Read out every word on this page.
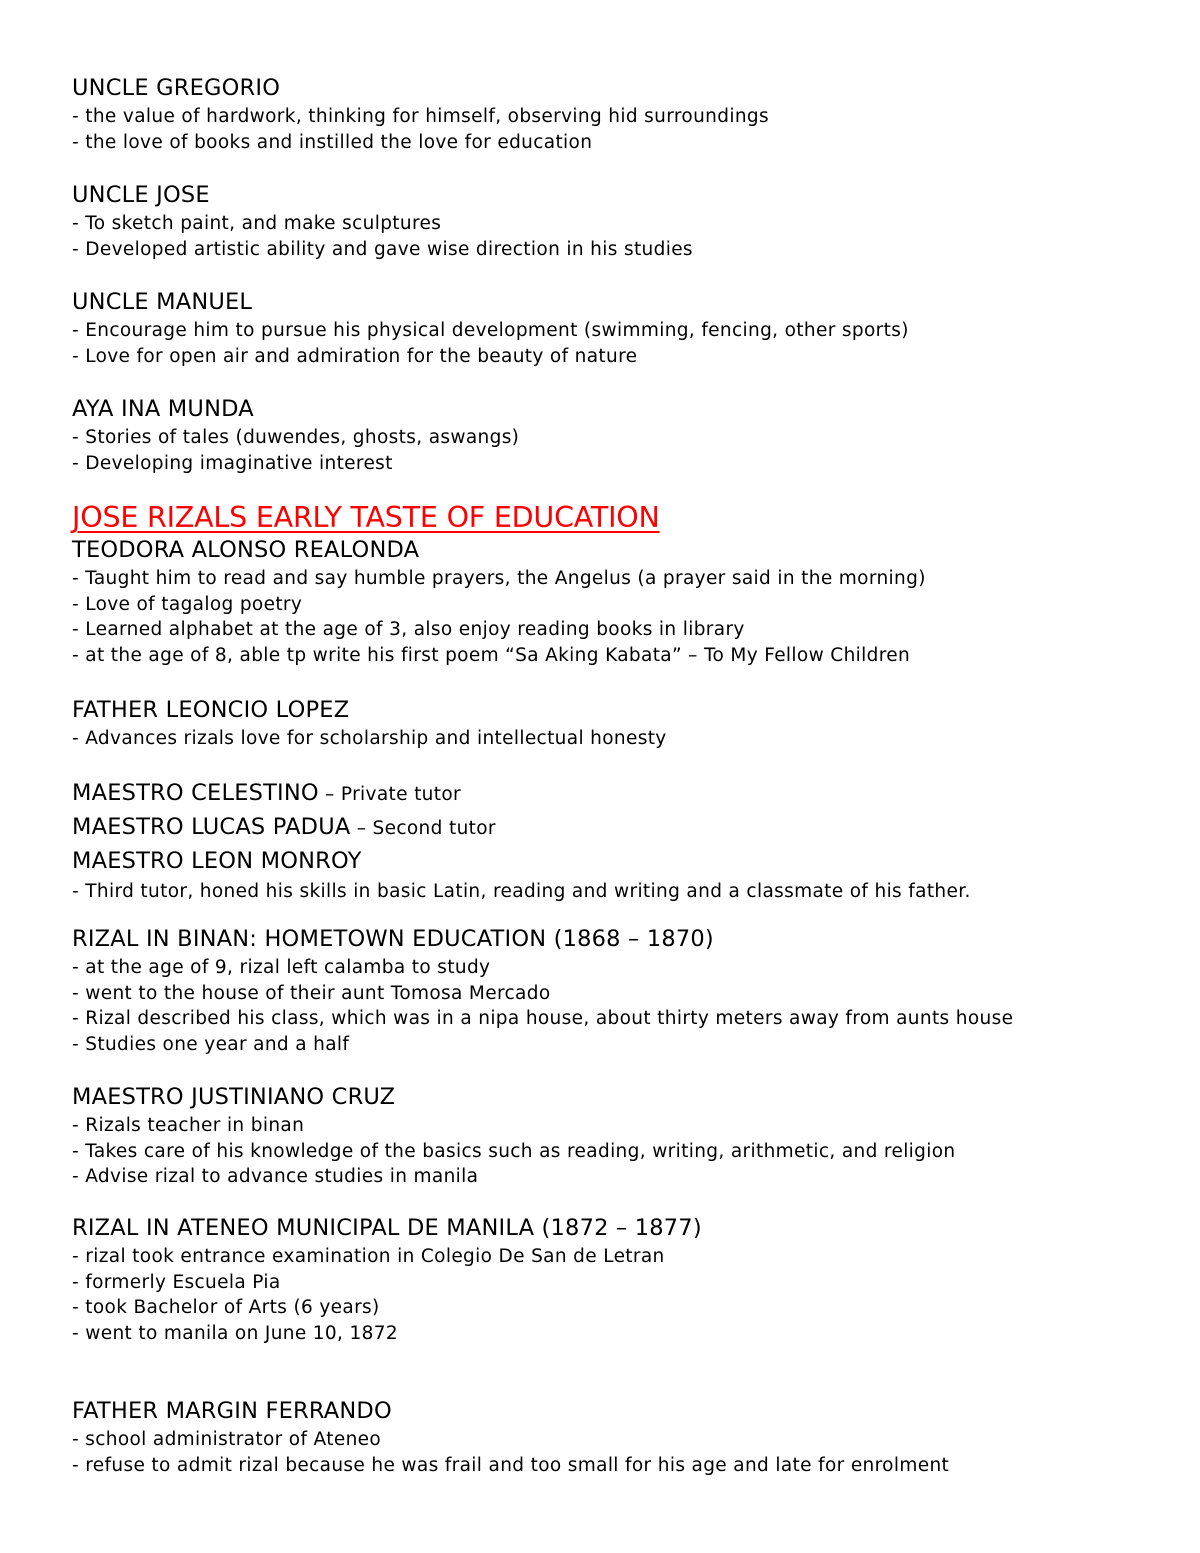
UNCLE GREGORIO
- the value of hardwork, thinking for himself, observing hid surroundings
- the love of books and instilled the love for education
UNCLE JOSE
- To sketch paint, and make sculptures
- Developed artistic ability and gave wise direction in his studies
UNCLE MANUEL
- Encourage him to pursue his physical development (swimming, fencing, other sports)
- Love for open air and admiration for the beauty of nature
AYA INA MUNDA
- Stories of tales (duwendes, ghosts, aswangs)
- Developing imaginative interest
JOSE RIZALS EARLY TASTE OF EDUCATION
TEODORA ALONSO REALONDA
- Taught him to read and say humble prayers, the Angelus (a prayer said in the morning)
- Love of tagalog poetry
- Learned alphabet at the age of 3, also enjoy reading books in library
- at the age of 8, able tp write his first poem “Sa Aking Kabata” – To My Fellow Children
FATHER LEONCIO LOPEZ
- Advances rizals love for scholarship and intellectual honesty
MAESTRO CELESTINO – Private tutor
MAESTRO LUCAS PADUA – Second tutor
MAESTRO LEON MONROY
- Third tutor, honed his skills in basic Latin, reading and writing and a classmate of his father.
RIZAL IN BINAN: HOMETOWN EDUCATION (1868 – 1870)
- at the age of 9, rizal left calamba to study
- went to the house of their aunt Tomosa Mercado
- Rizal described his class, which was in a nipa house, about thirty meters away from aunts house
- Studies one year and a half
MAESTRO JUSTINIANO CRUZ
- Rizals teacher in binan
- Takes care of his knowledge of the basics such as reading, writing, arithmetic, and religion
- Advise rizal to advance studies in manila
RIZAL IN ATENEO MUNICIPAL DE MANILA (1872 – 1877)
- rizal took entrance examination in Colegio De San de Letran
- formerly Escuela Pia
- took Bachelor of Arts (6 years)
- went to manila on June 10, 1872
FATHER MARGIN FERRANDO
- school administrator of Ateneo
- refuse to admit rizal because he was frail and too small for his age and late for enrolment
